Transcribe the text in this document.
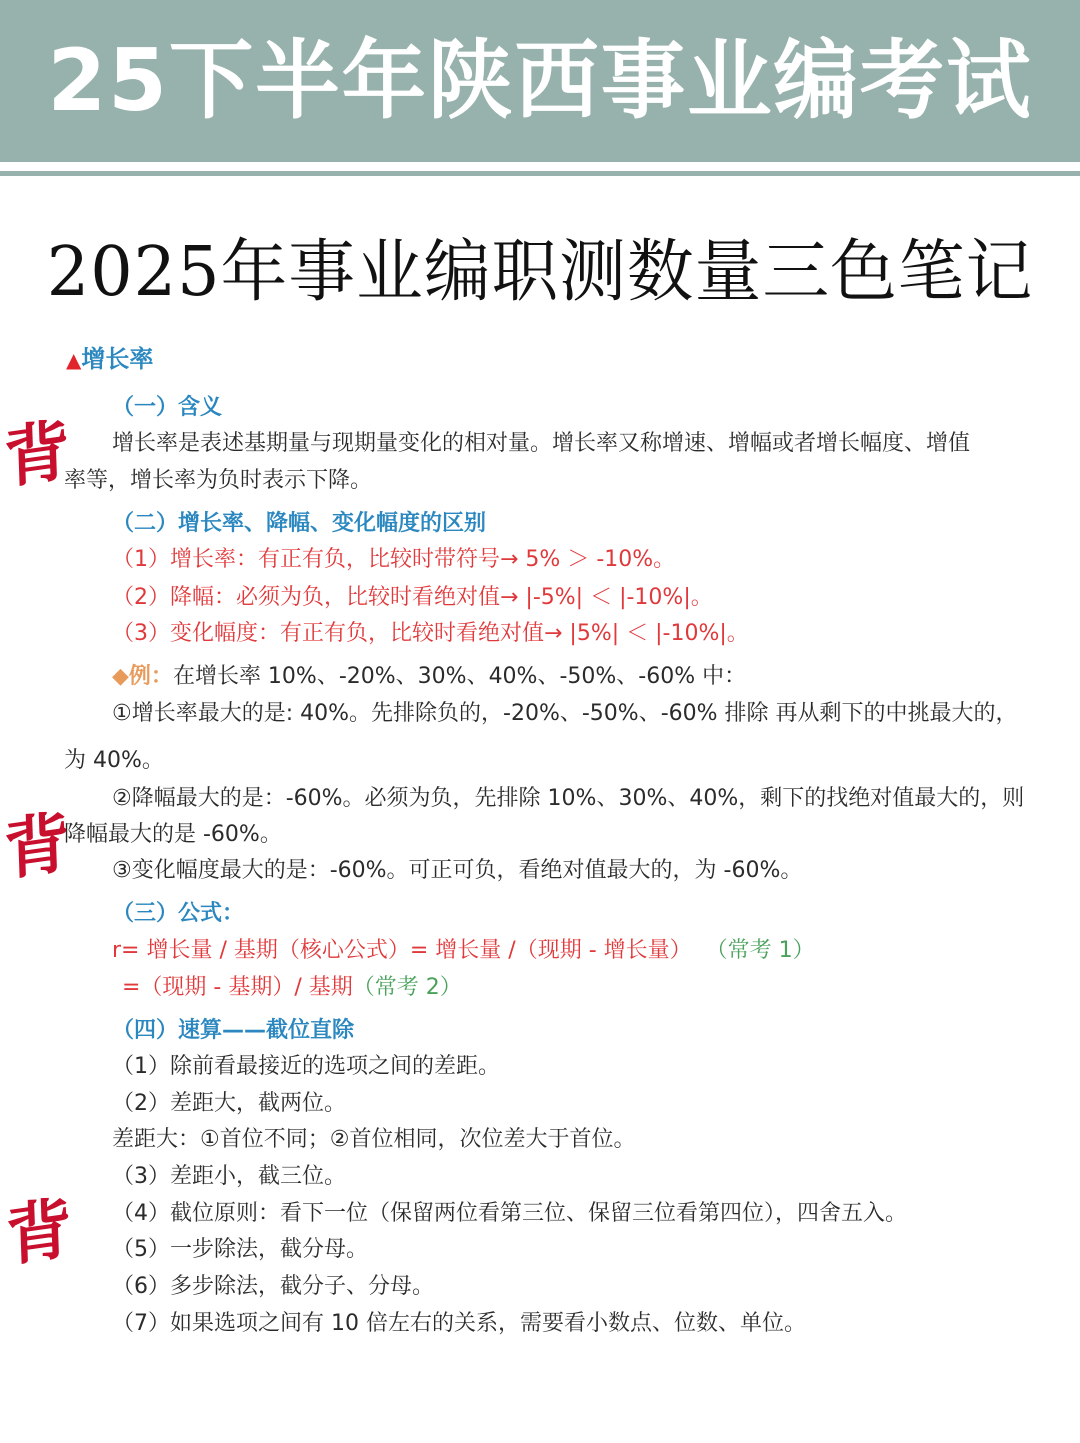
25下半年陕西事业编考试
2025年事业编职测数量三色笔记
背
背
背
▲增长率
（一）含义
增长率是表述基期量与现期量变化的相对量。增长率又称增速、增幅或者增长幅度、增值
率等，增长率为负时表示下降。
（二）增长率、降幅、变化幅度的区别
（1）增长率：有正有负，比较时带符号→ 5% ＞ -10%。
（2）降幅：必须为负，比较时看绝对值→ |-5%| ＜ |-10%|。
（3）变化幅度：有正有负，比较时看绝对值→ |5%| ＜ |-10%|。
◆例：在增长率 10%、-20%、30%、40%、-50%、-60% 中：
①增长率最大的是: 40%。先排除负的，-20%、-50%、-60% 排除 再从剩下的中挑最大的，
为 40%。
②降幅最大的是：-60%。必须为负，先排除 10%、30%、40%，剩下的找绝对值最大的，则
降幅最大的是 -60%。
③变化幅度最大的是：-60%。可正可负，看绝对值最大的，为 -60%。
（三）公式：
r= 增长量 / 基期（核心公式）= 增长量 /（现期 - 增长量） （常考 1）
=（现期 - 基期）/ 基期（常考 2）
（四）速算——截位直除
（1）除前看最接近的选项之间的差距。
（2）差距大，截两位。
差距大：①首位不同；②首位相同，次位差大于首位。
（3）差距小，截三位。
（4）截位原则：看下一位（保留两位看第三位、保留三位看第四位），四舍五入。
（5）一步除法，截分母。
（6）多步除法，截分子、分母。
（7）如果选项之间有 10 倍左右的关系，需要看小数点、位数、单位。
